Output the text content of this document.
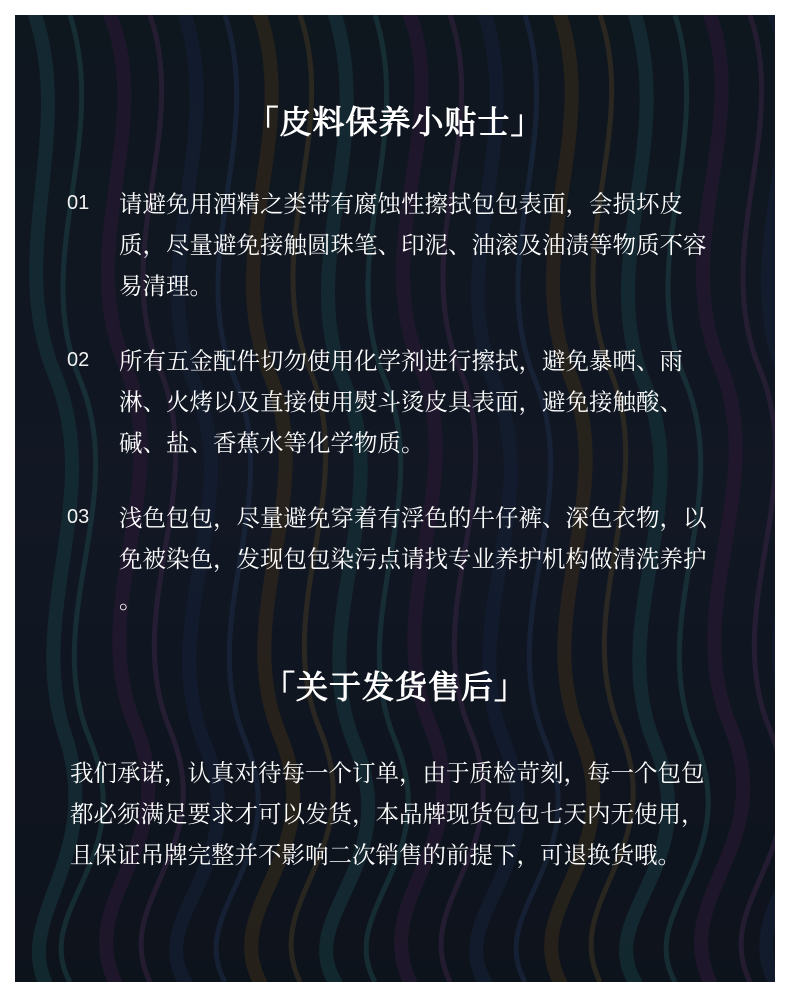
「皮料保养小贴士」
01 请避免用酒精之类带有腐蚀性擦拭包包表面，会损坏皮质，尽量避免接触圆珠笔、印泥、油滚及油渍等物质不容易清理。

02 所有五金配件切勿使用化学剂进行擦拭，避免暴晒、雨淋、火烤以及直接使用熨斗烫皮具表面，避免接触酸、碱、盐、香蕉水等化学物质。

03 浅色包包，尽量避免穿着有浮色的牛仔裤、深色衣物，以免被染色，发现包包染污点请找专业养护机构做清洗养护 。

「关于发货售后」

我们承诺，认真对待每一个订单，由于质检苛刻，每一个包包都必须满足要求才可以发货，本品牌现货包包七天内无使用，且保证吊牌完整并不影响二次销售的前提下，可退换货哦。
